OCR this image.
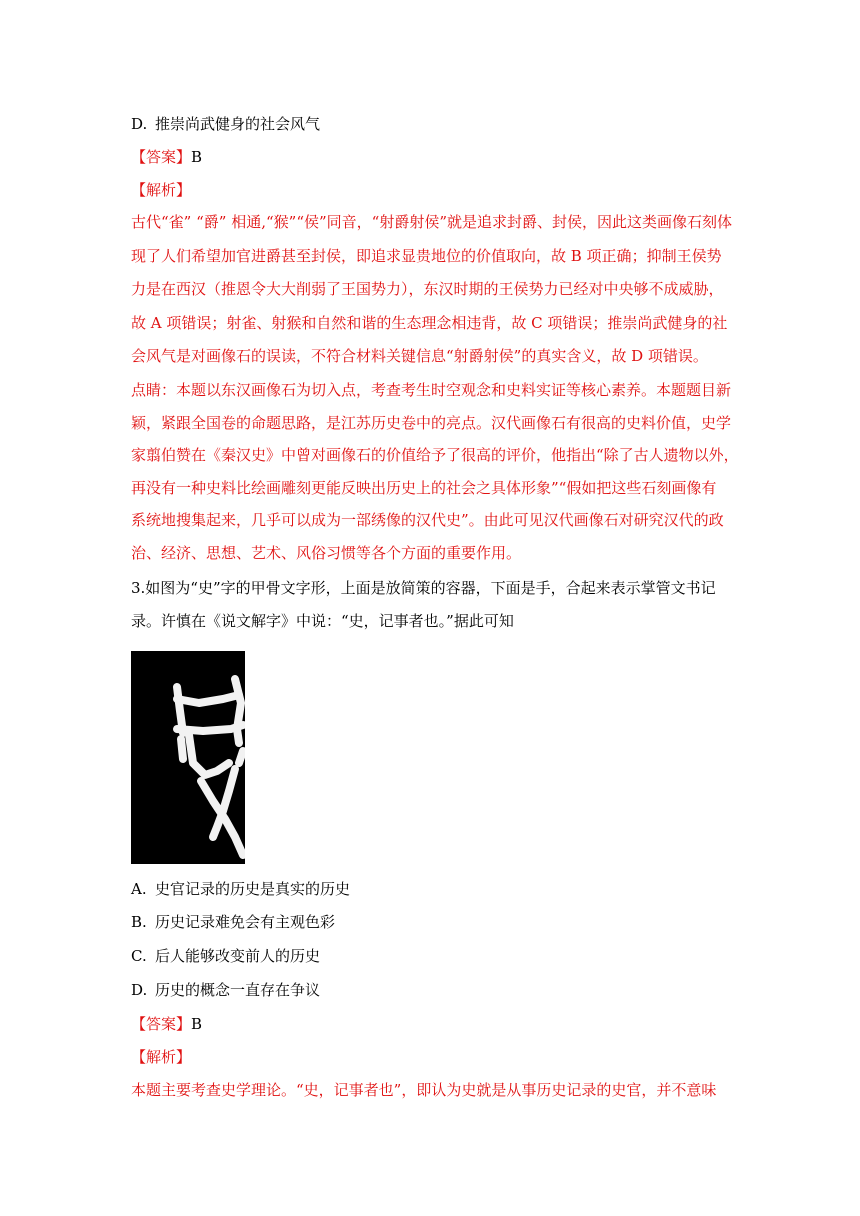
D. 推崇尚武健身的社会风气
【答案】B
【解析】
古代“雀” “爵” 相通,“猴”“侯”同音，“射爵射侯”就是追求封爵、封侯，因此这类画像石刻体
现了人们希望加官进爵甚至封侯，即追求显贵地位的价值取向，故 B 项正确；抑制王侯势
力是在西汉（推恩令大大削弱了王国势力），东汉时期的王侯势力已经对中央够不成威胁，
故 A 项错误；射雀、射猴和自然和谐的生态理念相违背，故 C 项错误；推崇尚武健身的社
会风气是对画像石的误读，不符合材料关键信息“射爵射侯”的真实含义，故 D 项错误。
点睛：本题以东汉画像石为切入点，考查考生时空观念和史料实证等核心素养。本题题目新
颖，紧跟全国卷的命题思路，是江苏历史卷中的亮点。汉代画像石有很高的史料价值，史学
家翦伯赞在《秦汉史》中曾对画像石的价值给予了很高的评价，他指出“除了古人遗物以外，
再没有一种史料比绘画雕刻更能反映出历史上的社会之具体形象”“假如把这些石刻画像有
系统地搜集起来，几乎可以成为一部绣像的汉代史”。由此可见汉代画像石对研究汉代的政
治、经济、思想、艺术、风俗习惯等各个方面的重要作用。
3.如图为“史”字的甲骨文字形，上面是放简策的容器，下面是手，合起来表示掌管文书记
录。许慎在《说文解字》中说：“史，记事者也。”据此可知
A. 史官记录的历史是真实的历史
B. 历史记录难免会有主观色彩
C. 后人能够改变前人的历史
D. 历史的概念一直存在争议
【答案】B
【解析】
本题主要考查史学理论。“史，记事者也”，即认为史就是从事历史记录的史官，并不意味
